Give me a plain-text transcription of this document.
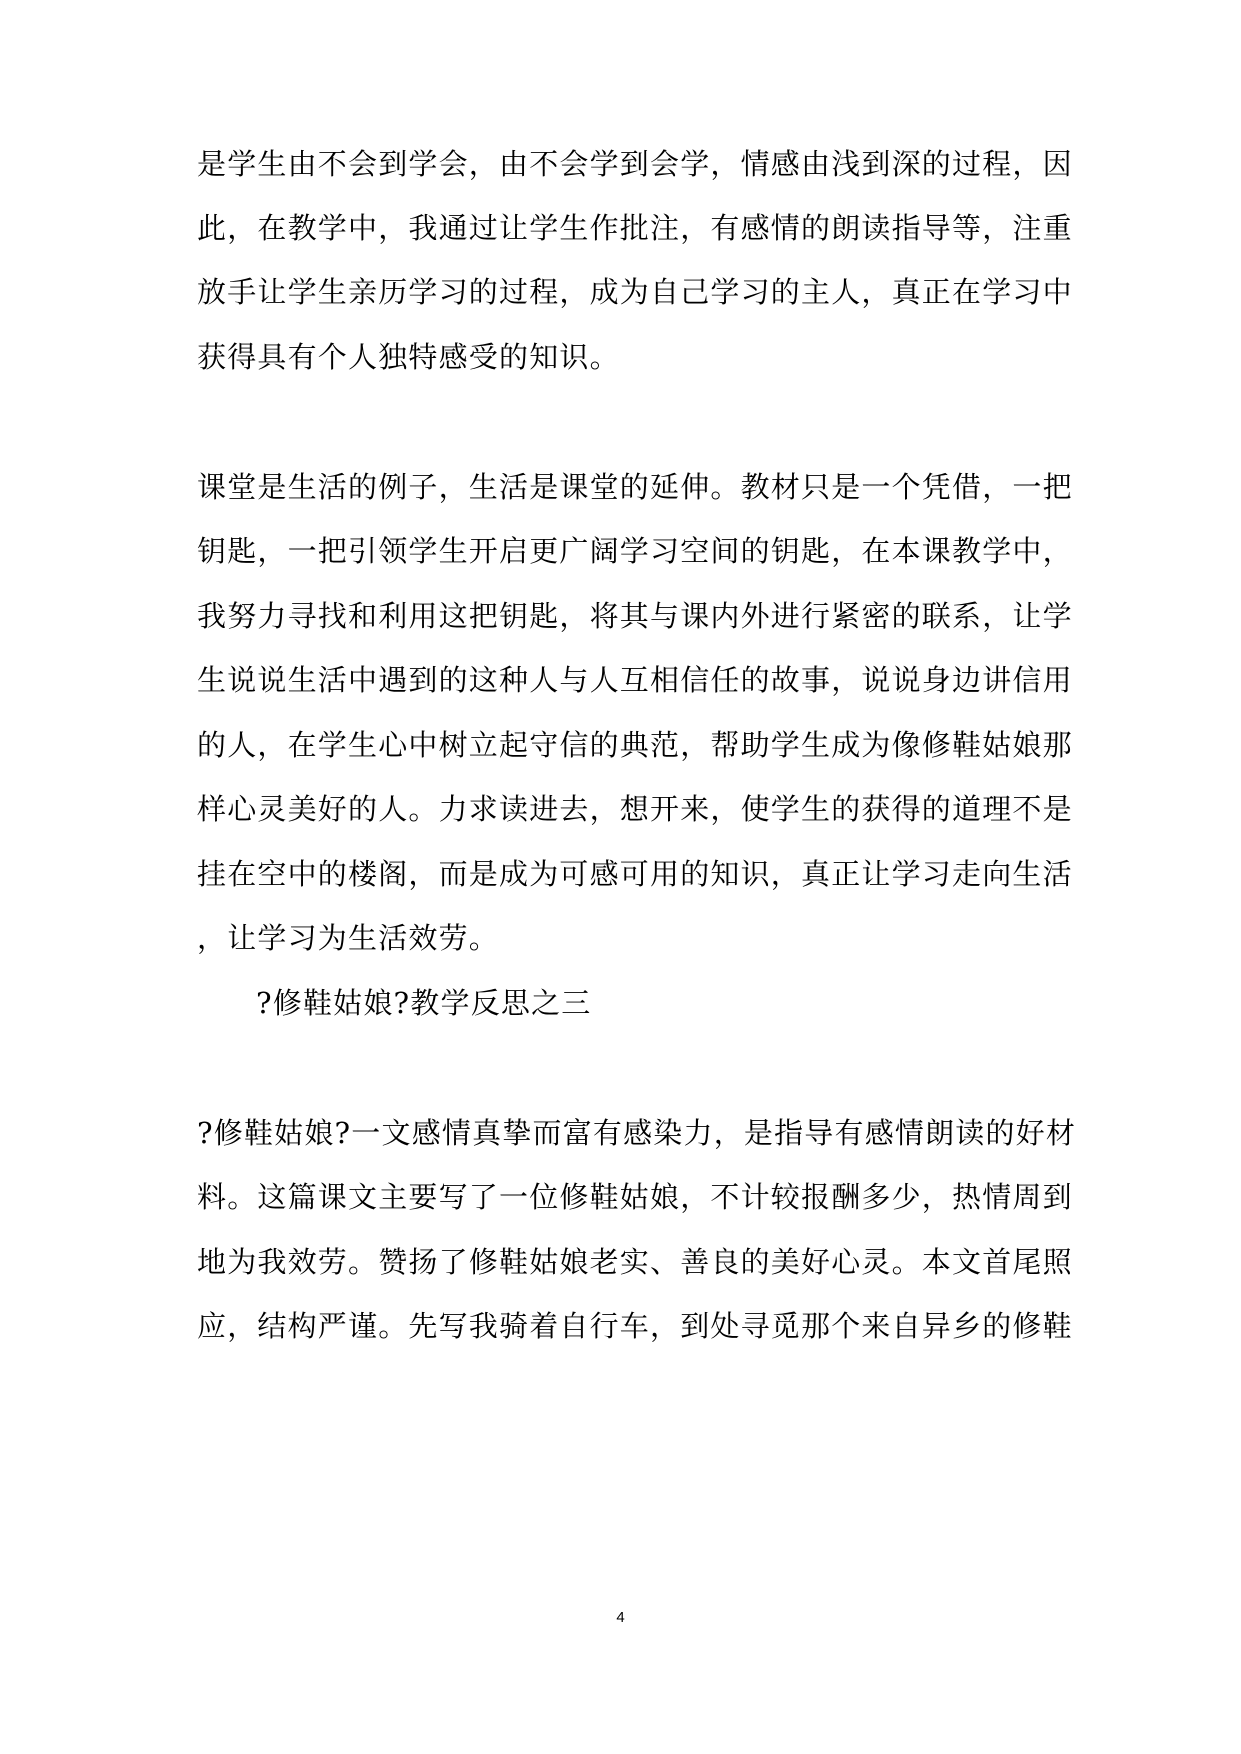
是学生由不会到学会，由不会学到会学，情感由浅到深的过程，因
此，在教学中，我通过让学生作批注，有感情的朗读指导等，注重
放手让学生亲历学习的过程，成为自己学习的主人，真正在学习中
获得具有个人独特感受的知识。
课堂是生活的例子，生活是课堂的延伸。教材只是一个凭借，一把
钥匙，一把引领学生开启更广阔学习空间的钥匙，在本课教学中，
我努力寻找和利用这把钥匙，将其与课内外进行紧密的联系，让学
生说说生活中遇到的这种人与人互相信任的故事，说说身边讲信用
的人，在学生心中树立起守信的典范，帮助学生成为像修鞋姑娘那
样心灵美好的人。力求读进去，想开来，使学生的获得的道理不是
挂在空中的楼阁，而是成为可感可用的知识，真正让学习走向生活
，让学习为生活效劳。
?修鞋姑娘?教学反思之三
?修鞋姑娘?一文感情真挚而富有感染力，是指导有感情朗读的好材
料。这篇课文主要写了一位修鞋姑娘，不计较报酬多少，热情周到
地为我效劳。赞扬了修鞋姑娘老实、善良的美好心灵。本文首尾照
应，结构严谨。先写我骑着自行车，到处寻觅那个来自异乡的修鞋
4
